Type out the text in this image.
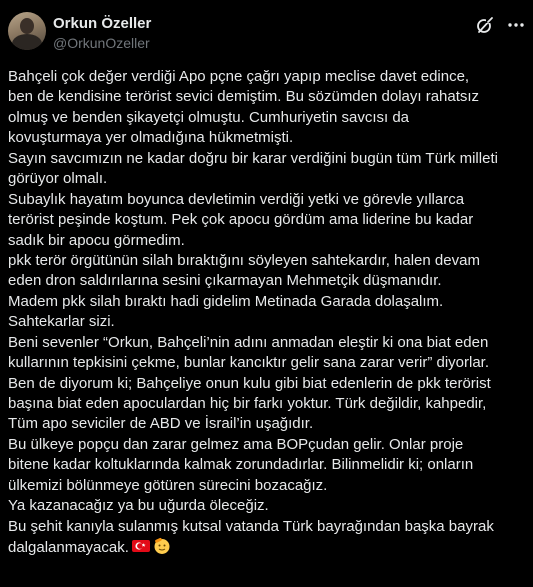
Orkun Özeller
@OrkunOzeller
Bahçeli çok değer verdiği Apo pçne çağrı yapıp meclise davet edince,
ben de kendisine terörist sevici demiştim. Bu sözümden dolayı rahatsız
olmuş ve benden şikayetçi olmuştu. Cumhuriyetin savcısı da
kovuşturmaya yer olmadığına hükmetmişti.
Sayın savcımızın ne kadar doğru bir karar verdiğini bugün tüm Türk milleti
görüyor olmalı.
Subaylık hayatım boyunca devletimin verdiği yetki ve görevle yıllarca
terörist peşinde koştum. Pek çok apocu gördüm ama liderine bu kadar
sadık bir apocu görmedim.
pkk terör örgütünün silah bıraktığını söyleyen sahtekardır, halen devam
eden dron saldırılarına sesini çıkarmayan Mehmetçik düşmanıdır.
Madem pkk silah bıraktı hadi gidelim Metinada Garada dolaşalım.
Sahtekarlar sizi.
Beni sevenler “Orkun, Bahçeli’nin adını anmadan eleştir ki ona biat eden
kullarının tepkisini çekme, bunlar kancıktır gelir sana zarar verir” diyorlar.
Ben de diyorum ki; Bahçeliye onun kulu gibi biat edenlerin de pkk terörist
başına biat eden apoculardan hiç bir farkı yoktur. Türk değildir, kahpedir,
Tüm apo seviciler de ABD ve İsrail’in uşağıdır.
Bu ülkeye popçu dan zarar gelmez ama BOPçudan gelir. Onlar proje
bitene kadar koltuklarında kalmak zorundadırlar. Bilinmelidir ki; onların
ülkemizi bölünmeye götüren sürecini bozacağız.
Ya kazanacağız ya bu uğurda öleceğiz.
Bu şehit kanıyla sulanmış kutsal vatanda Türk bayrağından başka bayrak
dalgalanmayacak.
